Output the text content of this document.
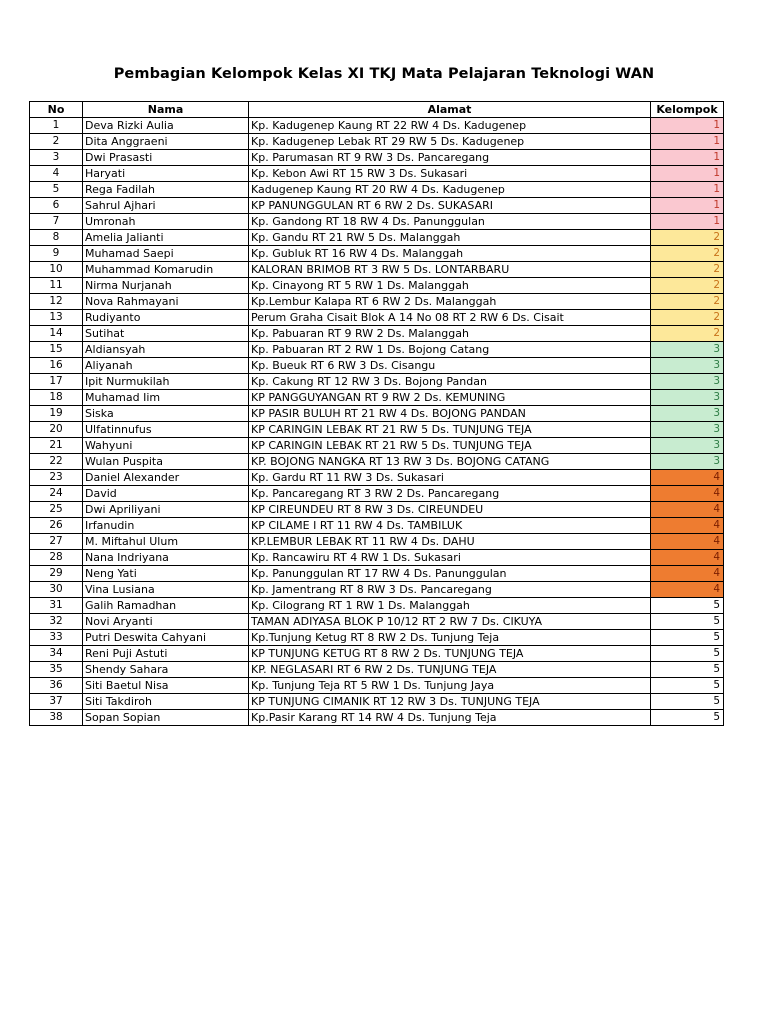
Pembagian Kelompok Kelas XI TKJ Mata Pelajaran Teknologi WAN
No	Nama	Alamat	Kelompok
1	Deva Rizki Aulia	Kp. Kadugenep Kaung RT 22 RW 4 Ds. Kadugenep	1
2	Dita Anggraeni	Kp. Kadugenep Lebak RT 29 RW 5 Ds. Kadugenep	1
3	Dwi Prasasti	Kp. Parumasan RT 9 RW 3 Ds. Pancaregang	1
4	Haryati	Kp. Kebon Awi RT 15 RW 3 Ds. Sukasari	1
5	Rega Fadilah	Kadugenep Kaung RT 20 RW 4 Ds. Kadugenep	1
6	Sahrul Ajhari	KP PANUNGGULAN RT 6 RW 2 Ds. SUKASARI	1
7	Umronah	Kp. Gandong RT 18 RW 4 Ds. Panunggulan	1
8	Amelia Jalianti	Kp. Gandu RT 21 RW 5 Ds. Malanggah	2
9	Muhamad Saepi	Kp. Gubluk RT 16 RW 4 Ds. Malanggah	2
10	Muhammad Komarudin	KALORAN BRIMOB RT 3 RW 5 Ds. LONTARBARU	2
11	Nirma Nurjanah	Kp. Cinayong RT 5 RW 1 Ds. Malanggah	2
12	Nova Rahmayani	Kp.Lembur Kalapa RT 6 RW 2 Ds. Malanggah	2
13	Rudiyanto	Perum Graha Cisait Blok A 14 No 08 RT 2 RW 6 Ds. Cisait	2
14	Sutihat	Kp. Pabuaran RT 9 RW 2 Ds. Malanggah	2
15	Aldiansyah	Kp. Pabuaran RT 2 RW 1 Ds. Bojong Catang	3
16	Aliyanah	Kp. Bueuk RT 6 RW 3 Ds. Cisangu	3
17	Ipit Nurmukilah	Kp. Cakung RT 12 RW 3 Ds. Bojong Pandan	3
18	Muhamad Iim	KP PANGGUYANGAN RT 9 RW 2 Ds. KEMUNING	3
19	Siska	KP PASIR BULUH RT 21 RW 4 Ds. BOJONG PANDAN	3
20	Ulfatinnufus	KP CARINGIN LEBAK RT 21 RW 5 Ds. TUNJUNG TEJA	3
21	Wahyuni	KP CARINGIN LEBAK RT 21 RW 5 Ds. TUNJUNG TEJA	3
22	Wulan Puspita	KP. BOJONG NANGKA RT 13 RW 3 Ds. BOJONG CATANG	3
23	Daniel Alexander	Kp. Gardu RT 11 RW 3 Ds. Sukasari	4
24	David	Kp. Pancaregang RT 3 RW 2 Ds. Pancaregang	4
25	Dwi Apriliyani	KP CIREUNDEU RT 8 RW 3 Ds. CIREUNDEU	4
26	Irfanudin	KP CILAME I RT 11 RW 4 Ds. TAMBILUK	4
27	M. Miftahul Ulum	KP.LEMBUR LEBAK RT 11 RW 4 Ds. DAHU	4
28	Nana Indriyana	Kp. Rancawiru RT 4 RW 1 Ds. Sukasari	4
29	Neng Yati	Kp. Panunggulan RT 17 RW 4 Ds. Panunggulan	4
30	Vina Lusiana	Kp. Jamentrang RT 8 RW 3 Ds. Pancaregang	4
31	Galih Ramadhan	Kp. Cilograng RT 1 RW 1 Ds. Malanggah	5
32	Novi Aryanti	TAMAN ADIYASA BLOK P 10/12 RT 2 RW 7 Ds. CIKUYA	5
33	Putri Deswita Cahyani	Kp.Tunjung Ketug RT 8 RW 2 Ds. Tunjung Teja	5
34	Reni Puji Astuti	KP TUNJUNG KETUG RT 8 RW 2 Ds. TUNJUNG TEJA	5
35	Shendy Sahara	KP. NEGLASARI RT 6 RW 2 Ds. TUNJUNG TEJA	5
36	Siti Baetul Nisa	Kp. Tunjung Teja RT 5 RW 1 Ds. Tunjung Jaya	5
37	Siti Takdiroh	KP TUNJUNG CIMANIK RT 12 RW 3 Ds. TUNJUNG TEJA	5
38	Sopan Sopian	Kp.Pasir Karang RT 14 RW 4 Ds. Tunjung Teja	5
